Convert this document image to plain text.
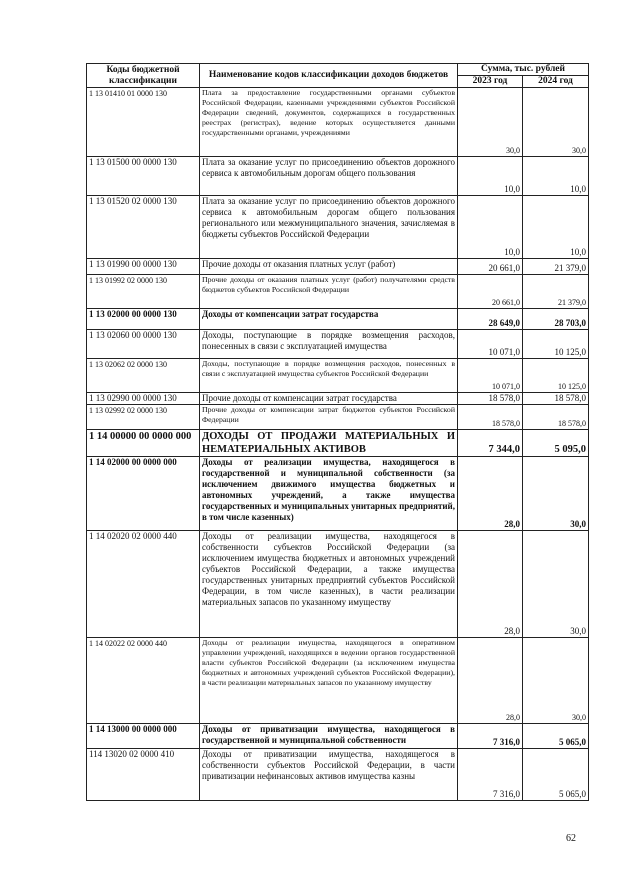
Коды бюджетной классификации	Наименование кодов классификации доходов бюджетов	Сумма, тыс. рублей	
		2023 год	2024 год
1 13 01410 01 0000 130	Плата за предоставление государственными органами субъектов Российской Федерации, казенными учреждениями субъектов Российской Федерации сведений, документов, содержащихся в государственных реестрах (регистрах), ведение которых осуществляется данными государственными органами, учреждениями	30,0	30,0
1 13 01500 00 0000 130	Плата за оказание услуг по присоединению объектов дорожного сервиса к автомобильным дорогам общего пользования	10,0	10,0
1 13 01520 02 0000 130	Плата за оказание услуг по присоединению объектов дорожного сервиса к автомобильным дорогам общего пользования регионального или межмуниципального значения, зачисляемая в бюджеты субъектов Российской Федерации	10,0	10,0
1 13 01990 00 0000 130	Прочие доходы от оказания платных услуг (работ)	20 661,0	21 379,0
1 13 01992 02 0000 130	Прочие доходы от оказания платных услуг (работ) получателями средств бюджетов субъектов Российской Федерации	20 661,0	21 379,0
1 13 02000 00 0000 130	Доходы от компенсации затрат государства	28 649,0	28 703,0
1 13 02060 00 0000 130	Доходы, поступающие в порядке возмещения расходов, понесенных в связи с эксплуатацией имущества	10 071,0	10 125,0
1 13 02062 02 0000 130	Доходы, поступающие в порядке возмещения расходов, понесенных в связи с эксплуатацией имущества субъектов Российской Федерации	10 071,0	10 125,0
1 13 02990 00 0000 130	Прочие доходы от компенсации затрат государства	18 578,0	18 578,0
1 13 02992 02 0000 130	Прочие доходы от компенсации затрат бюджетов субъектов Российской Федерации	18 578,0	18 578,0
1 14 00000 00 0000 000	ДОХОДЫ ОТ ПРОДАЖИ МАТЕРИАЛЬНЫХ И НЕМАТЕРИАЛЬНЫХ АКТИВОВ	7 344,0	5 095,0
1 14 02000 00 0000 000	Доходы от реализации имущества, находящегося в государственной и муниципальной собственности (за исключением движимого имущества бюджетных и автономных учреждений, а также имущества государственных и муниципальных унитарных предприятий, в том числе казенных)	28,0	30,0
1 14 02020 02 0000 440	Доходы от реализации имущества, находящегося в собственности субъектов Российской Федерации (за исключением имущества бюджетных и автономных учреждений субъектов Российской Федерации, а также имущества государственных унитарных предприятий субъектов Российской Федерации, в том числе казенных), в части реализации материальных запасов по указанному имуществу	28,0	30,0
1 14 02022 02 0000 440	Доходы от реализации имущества, находящегося в оперативном управлении учреждений, находящихся в ведении органов государственной власти субъектов Российской Федерации (за исключением имущества бюджетных и автономных учреждений субъектов Российской Федерации), в части реализации материальных запасов по указанному имуществу	28,0	30,0
1 14 13000 00 0000 000	Доходы от приватизации имущества, находящегося в государственной и муниципальной собственности	7 316,0	5 065,0
114 13020 02 0000 410	Доходы от приватизации имущества, находящегося в собственности субъектов Российской Федерации, в части приватизации нефинансовых активов имущества казны	7 316,0	5 065,0
62
